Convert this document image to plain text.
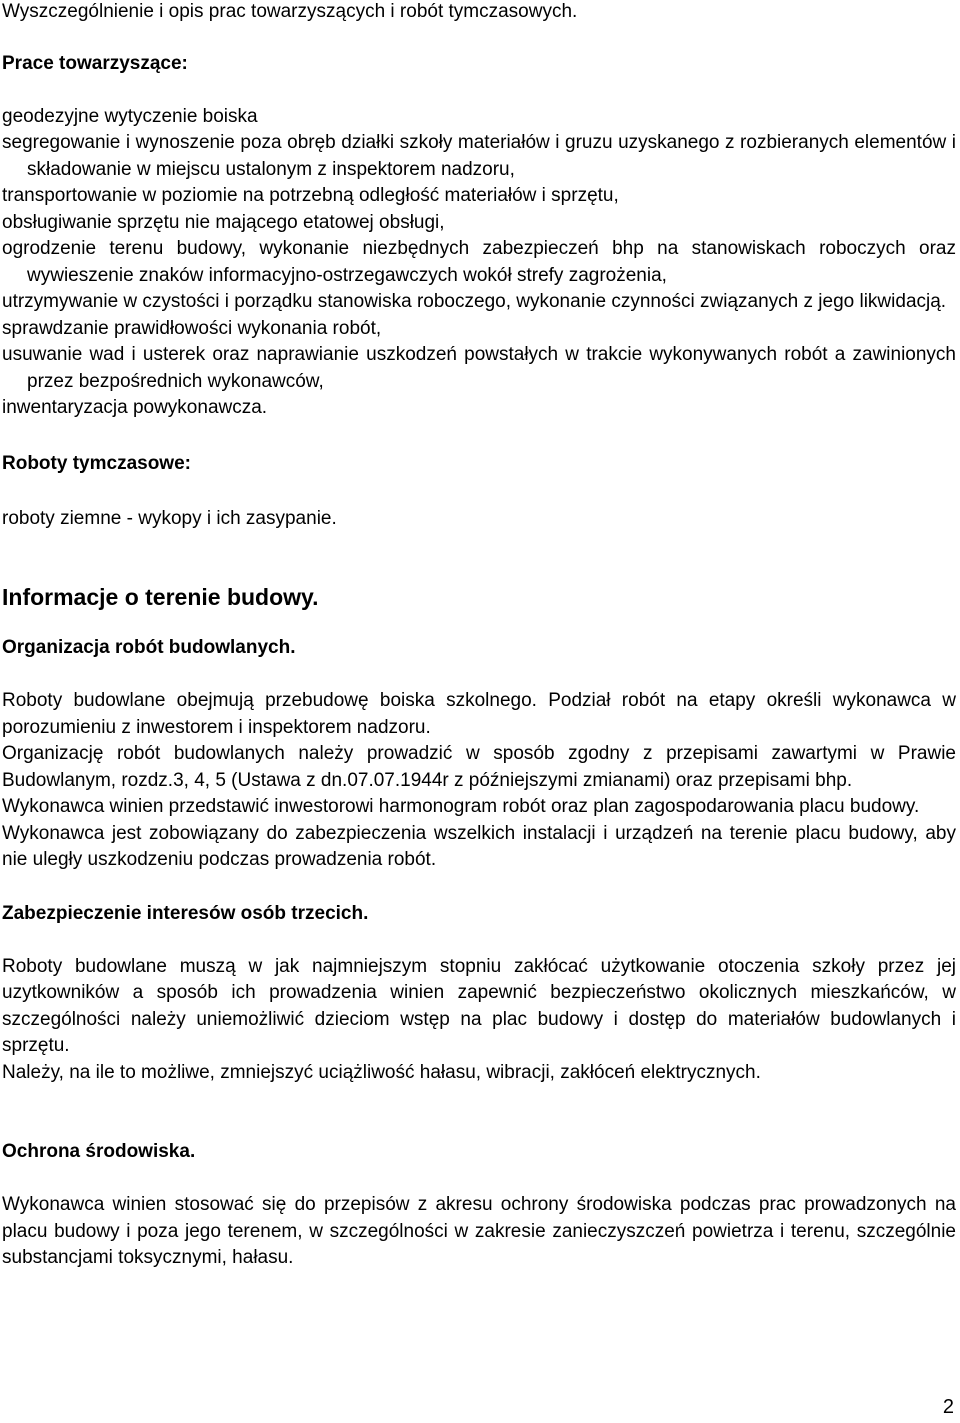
Wyszczególnienie i opis prac towarzyszących i robót tymczasowych.

Prace towarzyszące:

geodezyjne wytyczenie boiska

segregowanie i wynoszenie poza obręb działki szkoły materiałów i gruzu uzyskanego z rozbieranych elementów i składowanie w miejscu ustalonym z inspektorem nadzoru,

transportowanie w poziomie na potrzebną odległość materiałów i sprzętu,

obsługiwanie sprzętu nie mającego etatowej obsługi,

ogrodzenie terenu budowy, wykonanie niezbędnych zabezpieczeń bhp na stanowiskach roboczych oraz wywieszenie znaków informacyjno-ostrzegawczych wokół strefy zagrożenia,

utrzymywanie w czystości i porządku stanowiska roboczego, wykonanie czynności związanych z jego likwidacją.

sprawdzanie prawidłowości wykonania robót,

usuwanie wad i usterek oraz naprawianie uszkodzeń powstałych w trakcie wykonywanych robót a zawinionych przez bezpośrednich wykonawców,

inwentaryzacja powykonawcza.

Roboty tymczasowe:

roboty ziemne - wykopy i ich zasypanie.

Informacje o terenie budowy.

Organizacja robót budowlanych.

Roboty budowlane obejmują przebudowę boiska szkolnego. Podział robót na etapy określi wykonawca w porozumieniu z inwestorem i inspektorem nadzoru.

Organizację robót budowlanych należy prowadzić w sposób zgodny z przepisami zawartymi w Prawie Budowlanym, rozdz.3, 4, 5 (Ustawa z dn.07.07.1944r z późniejszymi zmianami) oraz przepisami bhp.

Wykonawca winien przedstawić inwestorowi harmonogram robót oraz plan zagospodarowania placu budowy.

Wykonawca jest zobowiązany do zabezpieczenia wszelkich instalacji i urządzeń na terenie placu budowy, aby nie uległy uszkodzeniu podczas prowadzenia robót.

Zabezpieczenie interesów osób trzecich.

Roboty budowlane muszą w jak najmniejszym stopniu zakłócać użytkowanie otoczenia szkoły przez jej uzytkowników a sposób ich prowadzenia winien zapewnić bezpieczeństwo okolicznych mieszkańców, w szczególności należy uniemożliwić dzieciom wstęp na plac budowy i dostęp do materiałów budowlanych i sprzętu.

Należy, na ile to możliwe, zmniejszyć uciążliwość hałasu, wibracji, zakłóceń elektrycznych.

Ochrona środowiska.

Wykonawca winien stosować się do przepisów z akresu ochrony środowiska podczas prac prowadzonych na placu budowy i poza jego terenem, w szczególności w zakresie zanieczyszczeń powietrza i terenu, szczególnie substancjami toksycznymi, hałasu.

2
